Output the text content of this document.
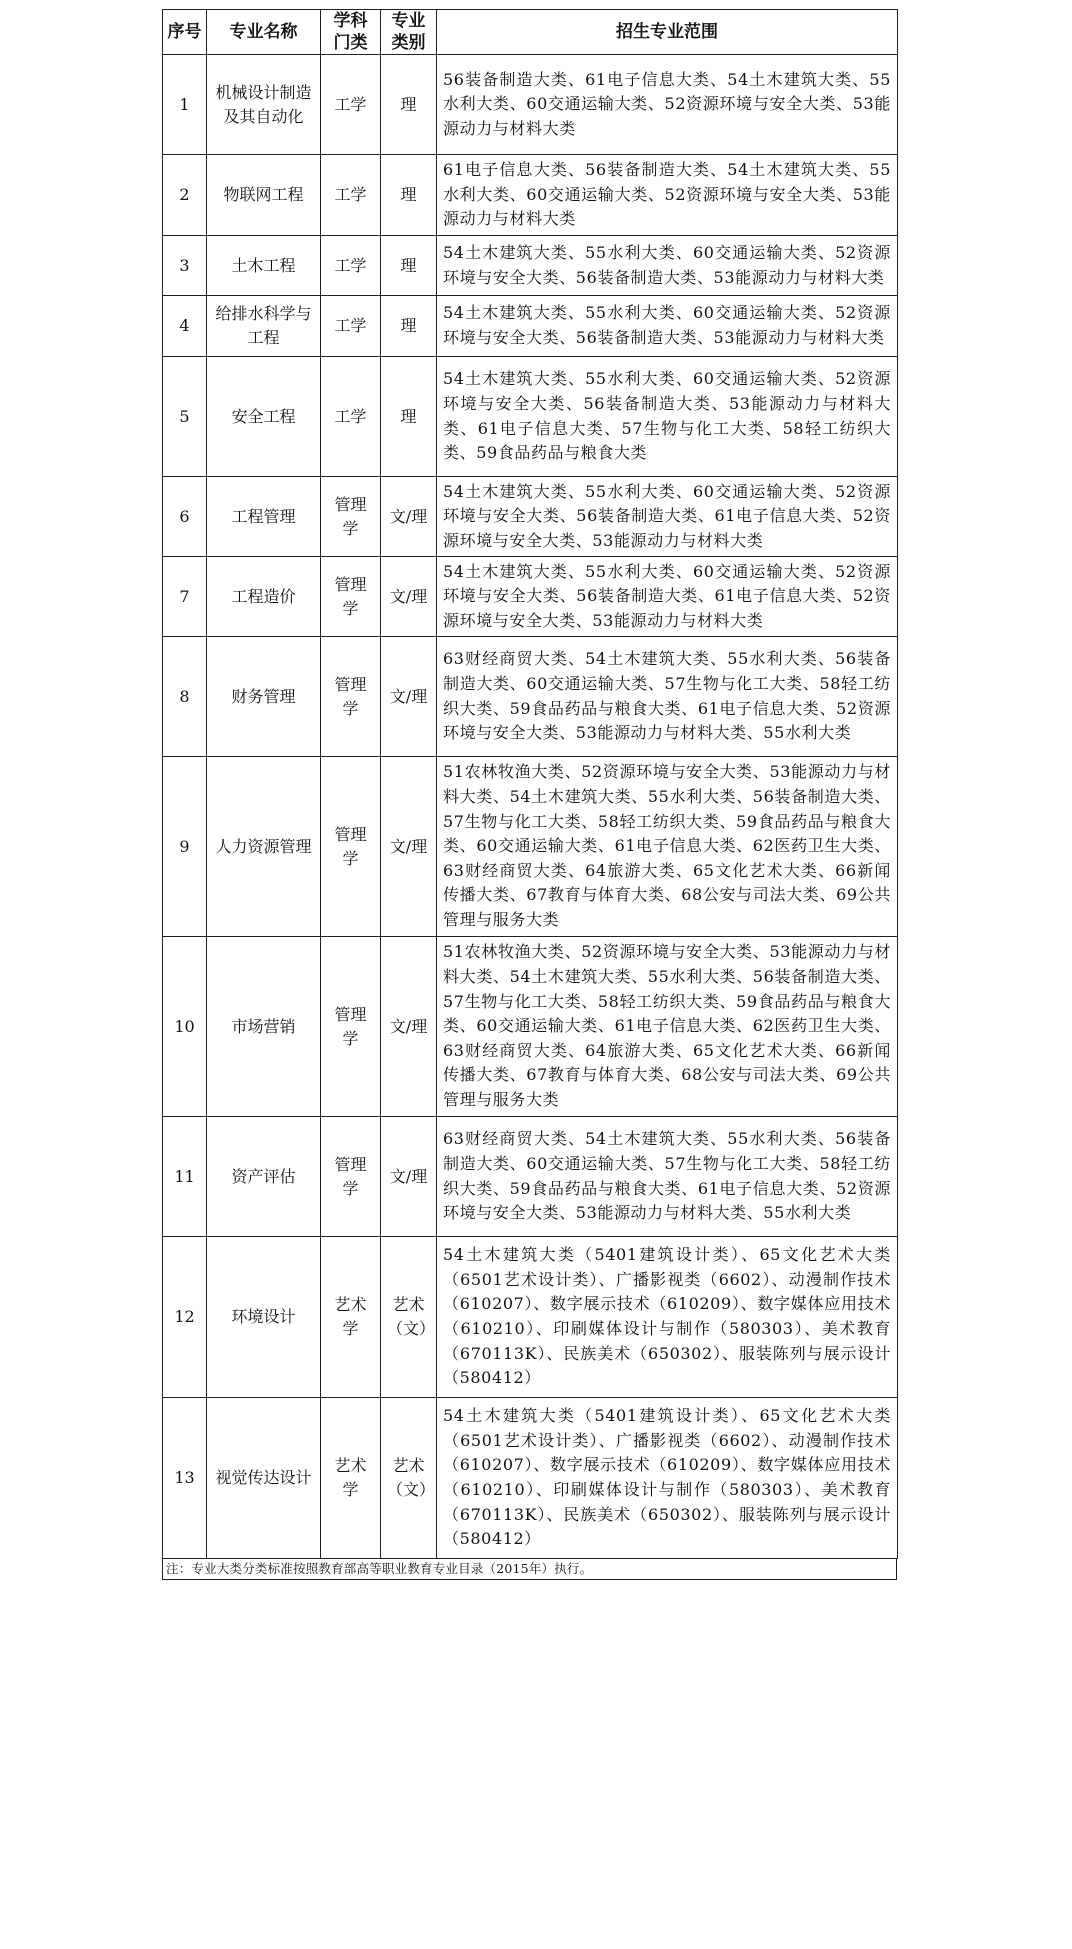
序号	专业名称	学科门类	专业类别	招生专业范围
1	机械设计制造及其自动化	工学	理	56装备制造大类、61电子信息大类、54土木建筑大类、55水利大类、60交通运输大类、52资源环境与安全大类、53能源动力与材料大类
2	物联网工程	工学	理	61电子信息大类、56装备制造大类、54土木建筑大类、55水利大类、60交通运输大类、52资源环境与安全大类、53能源动力与材料大类
3	土木工程	工学	理	54土木建筑大类、55水利大类、60交通运输大类、52资源环境与安全大类、56装备制造大类、53能源动力与材料大类
4	给排水科学与工程	工学	理	54土木建筑大类、55水利大类、60交通运输大类、52资源环境与安全大类、56装备制造大类、53能源动力与材料大类
5	安全工程	工学	理	54土木建筑大类、55水利大类、60交通运输大类、52资源环境与安全大类、56装备制造大类、53能源动力与材料大类、61电子信息大类、57生物与化工大类、58轻工纺织大类、59食品药品与粮食大类
6	工程管理	管理学	文/理	54土木建筑大类、55水利大类、60交通运输大类、52资源环境与安全大类、56装备制造大类、61电子信息大类、52资源环境与安全大类、53能源动力与材料大类
7	工程造价	管理学	文/理	54土木建筑大类、55水利大类、60交通运输大类、52资源环境与安全大类、56装备制造大类、61电子信息大类、52资源环境与安全大类、53能源动力与材料大类
8	财务管理	管理学	文/理	63财经商贸大类、54土木建筑大类、55水利大类、56装备制造大类、60交通运输大类、57生物与化工大类、58轻工纺织大类、59食品药品与粮食大类、61电子信息大类、52资源环境与安全大类、53能源动力与材料大类、55水利大类
9	人力资源管理	管理学	文/理	51农林牧渔大类、52资源环境与安全大类、53能源动力与材料大类、54土木建筑大类、55水利大类、56装备制造大类、57生物与化工大类、58轻工纺织大类、59食品药品与粮食大类、60交通运输大类、61电子信息大类、62医药卫生大类、63财经商贸大类、64旅游大类、65文化艺术大类、66新闻传播大类、67教育与体育大类、68公安与司法大类、69公共管理与服务大类
10	市场营销	管理学	文/理	51农林牧渔大类、52资源环境与安全大类、53能源动力与材料大类、54土木建筑大类、55水利大类、56装备制造大类、57生物与化工大类、58轻工纺织大类、59食品药品与粮食大类、60交通运输大类、61电子信息大类、62医药卫生大类、63财经商贸大类、64旅游大类、65文化艺术大类、66新闻传播大类、67教育与体育大类、68公安与司法大类、69公共管理与服务大类
11	资产评估	管理学	文/理	63财经商贸大类、54土木建筑大类、55水利大类、56装备制造大类、60交通运输大类、57生物与化工大类、58轻工纺织大类、59食品药品与粮食大类、61电子信息大类、52资源环境与安全大类、53能源动力与材料大类、55水利大类
12	环境设计	艺术学	艺术（文）	54土木建筑大类（5401建筑设计类）、65文化艺术大类（6501艺术设计类）、广播影视类（6602）、动漫制作技术（610207）、数字展示技术（610209）、数字媒体应用技术（610210）、印刷媒体设计与制作（580303）、美术教育（670113K）、民族美术（650302）、服装陈列与展示设计（580412）
13	视觉传达设计	艺术学	艺术（文）	54土木建筑大类（5401建筑设计类）、65文化艺术大类（6501艺术设计类）、广播影视类（6602）、动漫制作技术（610207）、数字展示技术（610209）、数字媒体应用技术（610210）、印刷媒体设计与制作（580303）、美术教育（670113K）、民族美术（650302）、服装陈列与展示设计（580412）
注：专业大类分类标准按照教育部高等职业教育专业目录（2015年）执行。
